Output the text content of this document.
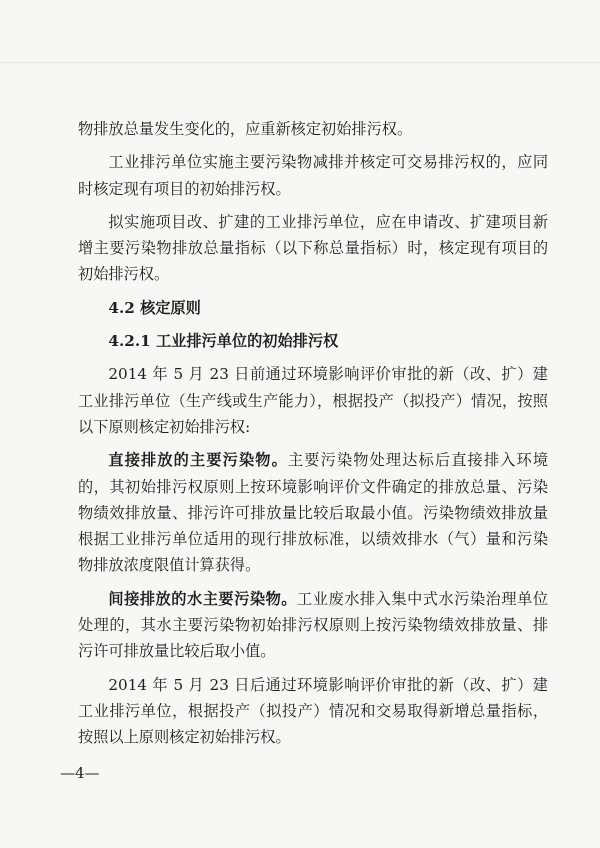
物排放总量发生变化的，应重新核定初始排污权。

工业排污单位实施主要污染物减排并核定可交易排污权的，应同时核定现有项目的初始排污权。

拟实施项目改、扩建的工业排污单位，应在申请改、扩建项目新增主要污染物排放总量指标（以下称总量指标）时，核定现有项目的初始排污权。

4.2 核定原则

4.2.1 工业排污单位的初始排污权

2014 年 5 月 23 日前通过环境影响评价审批的新（改、扩）建工业排污单位（生产线或生产能力），根据投产（拟投产）情况，按照以下原则核定初始排污权:

直接排放的主要污染物。主要污染物处理达标后直接排入环境的，其初始排污权原则上按环境影响评价文件确定的排放总量、污染物绩效排放量、排污许可排放量比较后取最小值。污染物绩效排放量根据工业排污单位适用的现行排放标准，以绩效排水（气）量和污染物排放浓度限值计算获得。

间接排放的水主要污染物。工业废水排入集中式水污染治理单位处理的，其水主要污染物初始排污权原则上按污染物绩效排放量、排污许可排放量比较后取小值。

2014 年 5 月 23 日后通过环境影响评价审批的新（改、扩）建工业排污单位，根据投产（拟投产）情况和交易取得新增总量指标，按照以上原则核定初始排污权。

—4—
